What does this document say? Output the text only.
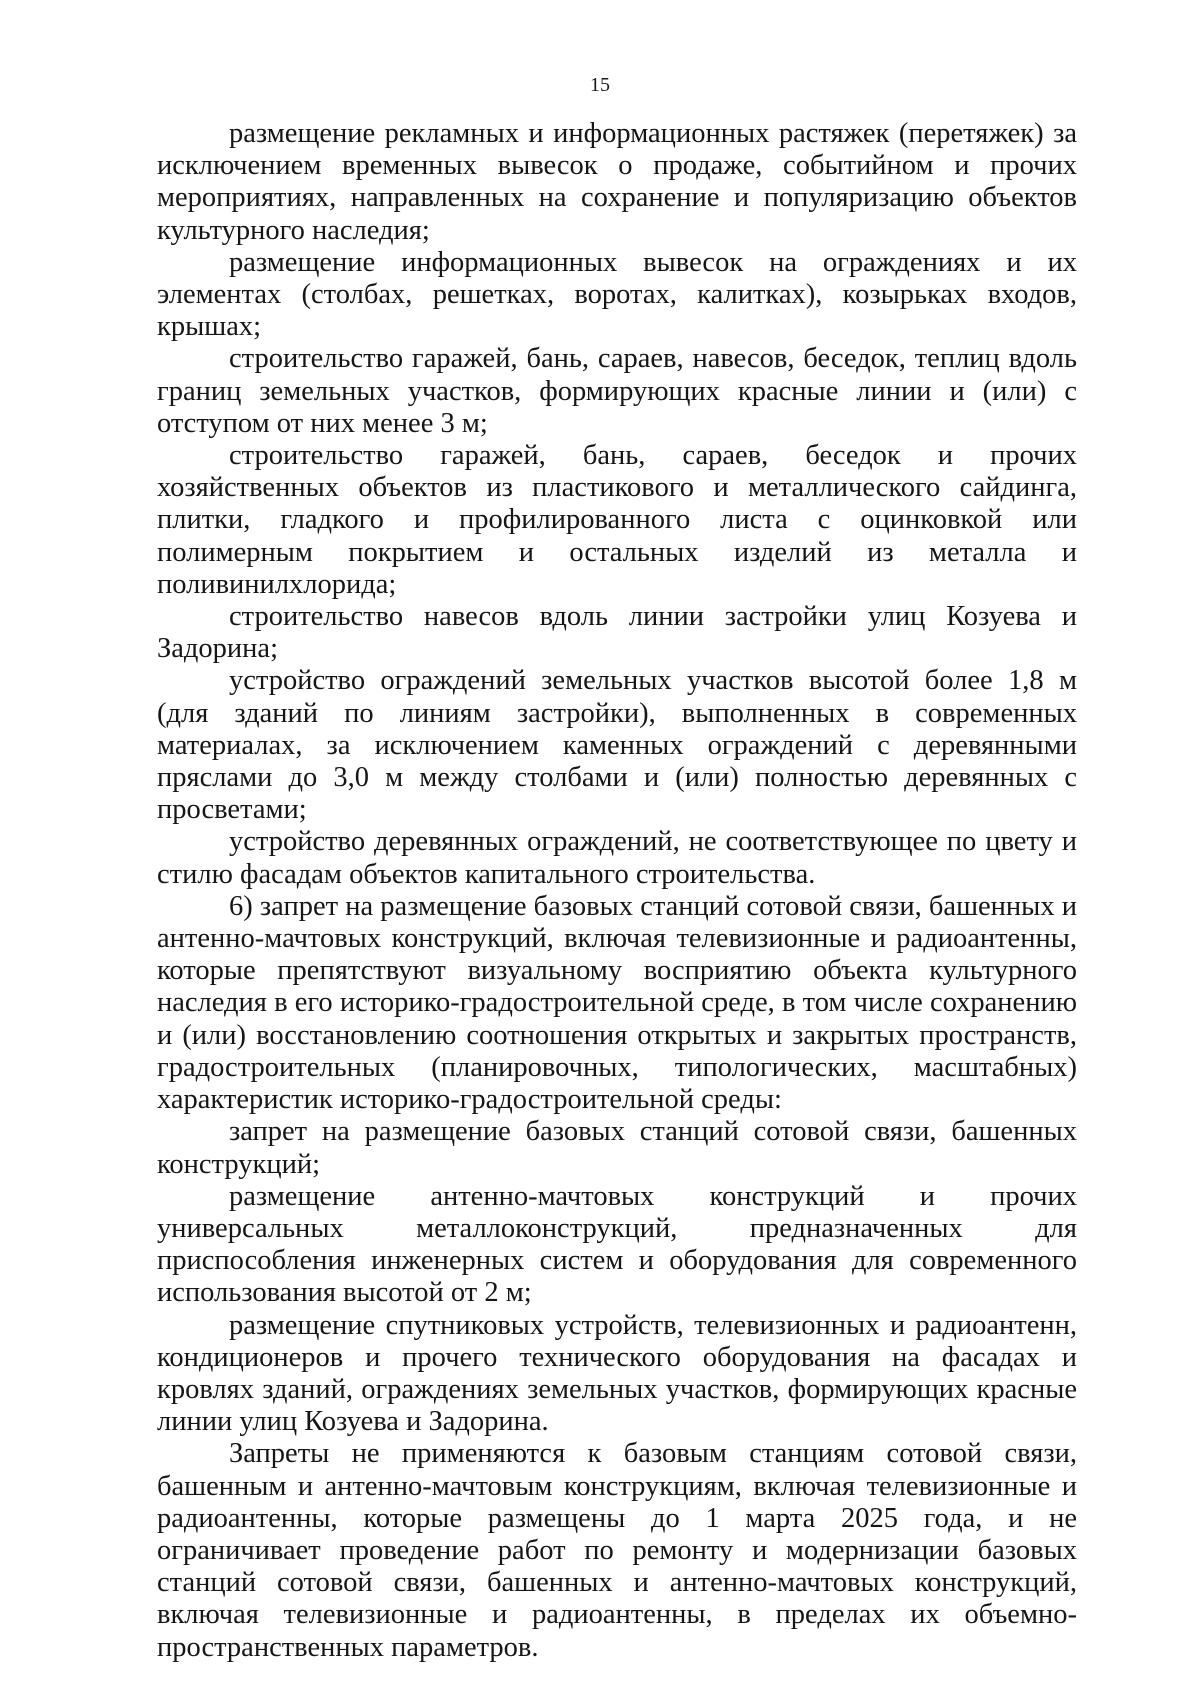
15

размещение рекламных и информационных растяжек (перетяжек) за исключением временных вывесок о продаже, событийном и прочих мероприятиях, направленных на сохранение и популяризацию объектов культурного наследия;

размещение информационных вывесок на ограждениях и их элементах (столбах, решетках, воротах, калитках), козырьках входов, крышах;

строительство гаражей, бань, сараев, навесов, беседок, теплиц вдоль границ земельных участков, формирующих красные линии и (или) с отступом от них менее 3 м;

строительство гаражей, бань, сараев, беседок и прочих хозяйственных объектов из пластикового и металлического сайдинга, плитки, гладкого и профилированного листа с оцинковкой или полимерным покрытием и остальных изделий из металла и поливинилхлорида;

строительство навесов вдоль линии застройки улиц Козуева и Задорина;

устройство ограждений земельных участков высотой более 1,8 м (для зданий по линиям застройки), выполненных в современных материалах, за исключением каменных ограждений с деревянными пряслами до 3,0 м между столбами и (или) полностью деревянных с просветами;

устройство деревянных ограждений, не соответствующее по цвету и стилю фасадам объектов капитального строительства.

6) запрет на размещение базовых станций сотовой связи, башенных и антенно-мачтовых конструкций, включая телевизионные и радиоантенны, которые препятствуют визуальному восприятию объекта культурного наследия в его историко-градостроительной среде, в том числе сохранению и (или) восстановлению соотношения открытых и закрытых пространств, градостроительных (планировочных, типологических, масштабных) характеристик историко-градостроительной среды:

запрет на размещение базовых станций сотовой связи, башенных конструкций;

размещение антенно-мачтовых конструкций и прочих универсальных металлоконструкций, предназначенных для приспособления инженерных систем и оборудования для современного использования высотой от 2 м;

размещение спутниковых устройств, телевизионных и радиоантенн, кондиционеров и прочего технического оборудования на фасадах и кровлях зданий, ограждениях земельных участков, формирующих красные линии улиц Козуева и Задорина.

Запреты не применяются к базовым станциям сотовой связи, башенным и антенно-мачтовым конструкциям, включая телевизионные и радиоантенны, которые размещены до 1 марта 2025 года, и не ограничивает проведение работ по ремонту и модернизации базовых станций сотовой связи, башенных и антенно-мачтовых конструкций, включая телевизионные и радиоантенны, в пределах их объемно-пространственных параметров.
